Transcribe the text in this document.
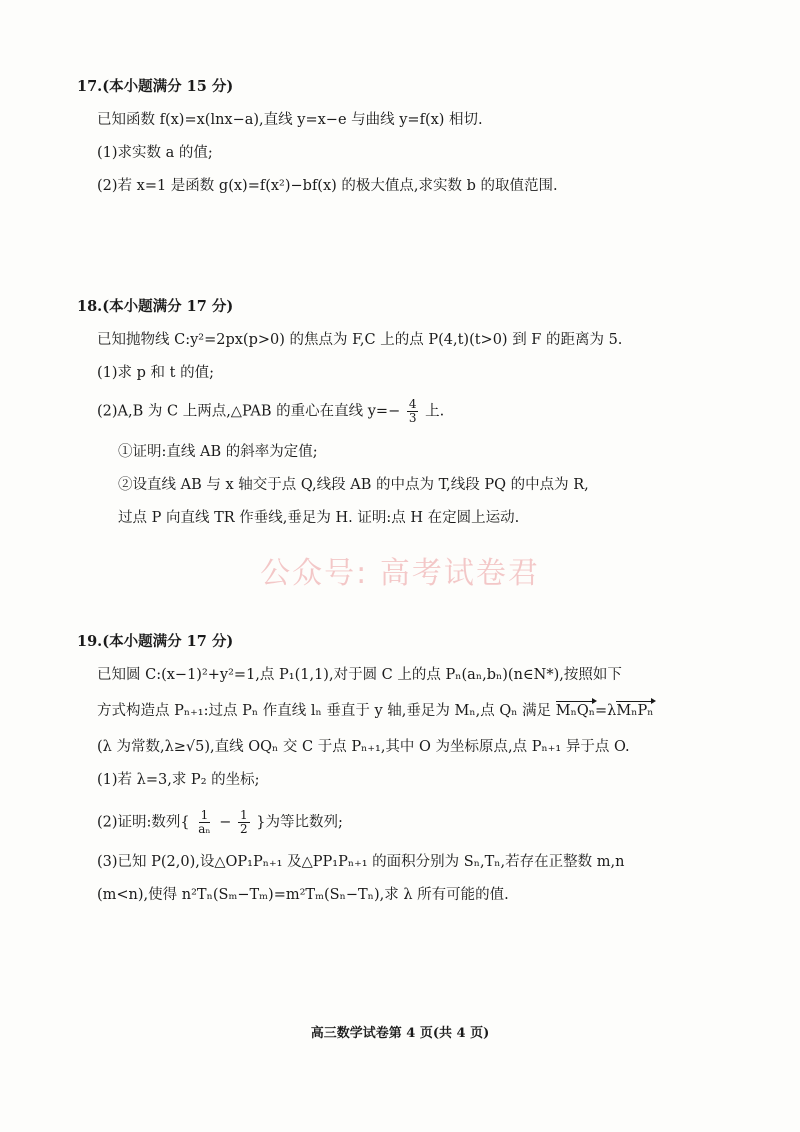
17.(本小题满分 15 分)
已知函数 f(x)=x(lnx−a),直线 y=x−e 与曲线 y=f(x) 相切.
(1)求实数 a 的值;
(2)若 x=1 是函数 g(x)=f(x²)−bf(x) 的极大值点,求实数 b 的取值范围.
18.(本小题满分 17 分)
已知抛物线 C:y²=2px(p>0) 的焦点为 F,C 上的点 P(4,t)(t>0) 到 F 的距离为 5.
(1)求 p 和 t 的值;
(2)A,B 为 C 上两点,△PAB 的重心在直线 $y=- \frac{4}{3}$ 上.
①证明:直线 AB 的斜率为定值;
②设直线 AB 与 x 轴交于点 Q,线段 AB 的中点为 T,线段 PQ 的中点为 R,
过点 P 向直线 TR 作垂线,垂足为 H. 证明:点 H 在定圆上运动.
公众号: 高考试卷君
19.(本小题满分 17 分)
已知圆 C:(x−1)²+y²=1,点 P₁(1,1),对于圆 C 上的点 Pₙ(aₙ,bₙ)(n∈N*),按照如下
方式构造点 Pₙ₊₁:过点 Pₙ 作直线 lₙ 垂直于 y 轴,垂足为 Mₙ,点 Qₙ 满足 MₙQₙ=λMₙPₙ
(λ 为常数,λ≥√5),直线 OQₙ 交 C 于点 Pₙ₊₁,其中 O 为坐标原点,点 Pₙ₊₁ 异于点 O.
(1)若 λ=3,求 P₂ 的坐标;
(2)证明:数列{ $\frac{1}{\text{aₙ}} - \frac{1}{2}$ }为等比数列;
(3)已知 P(2,0),设△OP₁Pₙ₊₁ 及△PP₁Pₙ₊₁ 的面积分别为 Sₙ,Tₙ,若存在正整数 m,n
(m<n),使得 n²Tₙ(Sₘ−Tₘ)=m²Tₘ(Sₙ−Tₙ),求 λ 所有可能的值.
高三数学试卷第 4 页(共 4 页)
